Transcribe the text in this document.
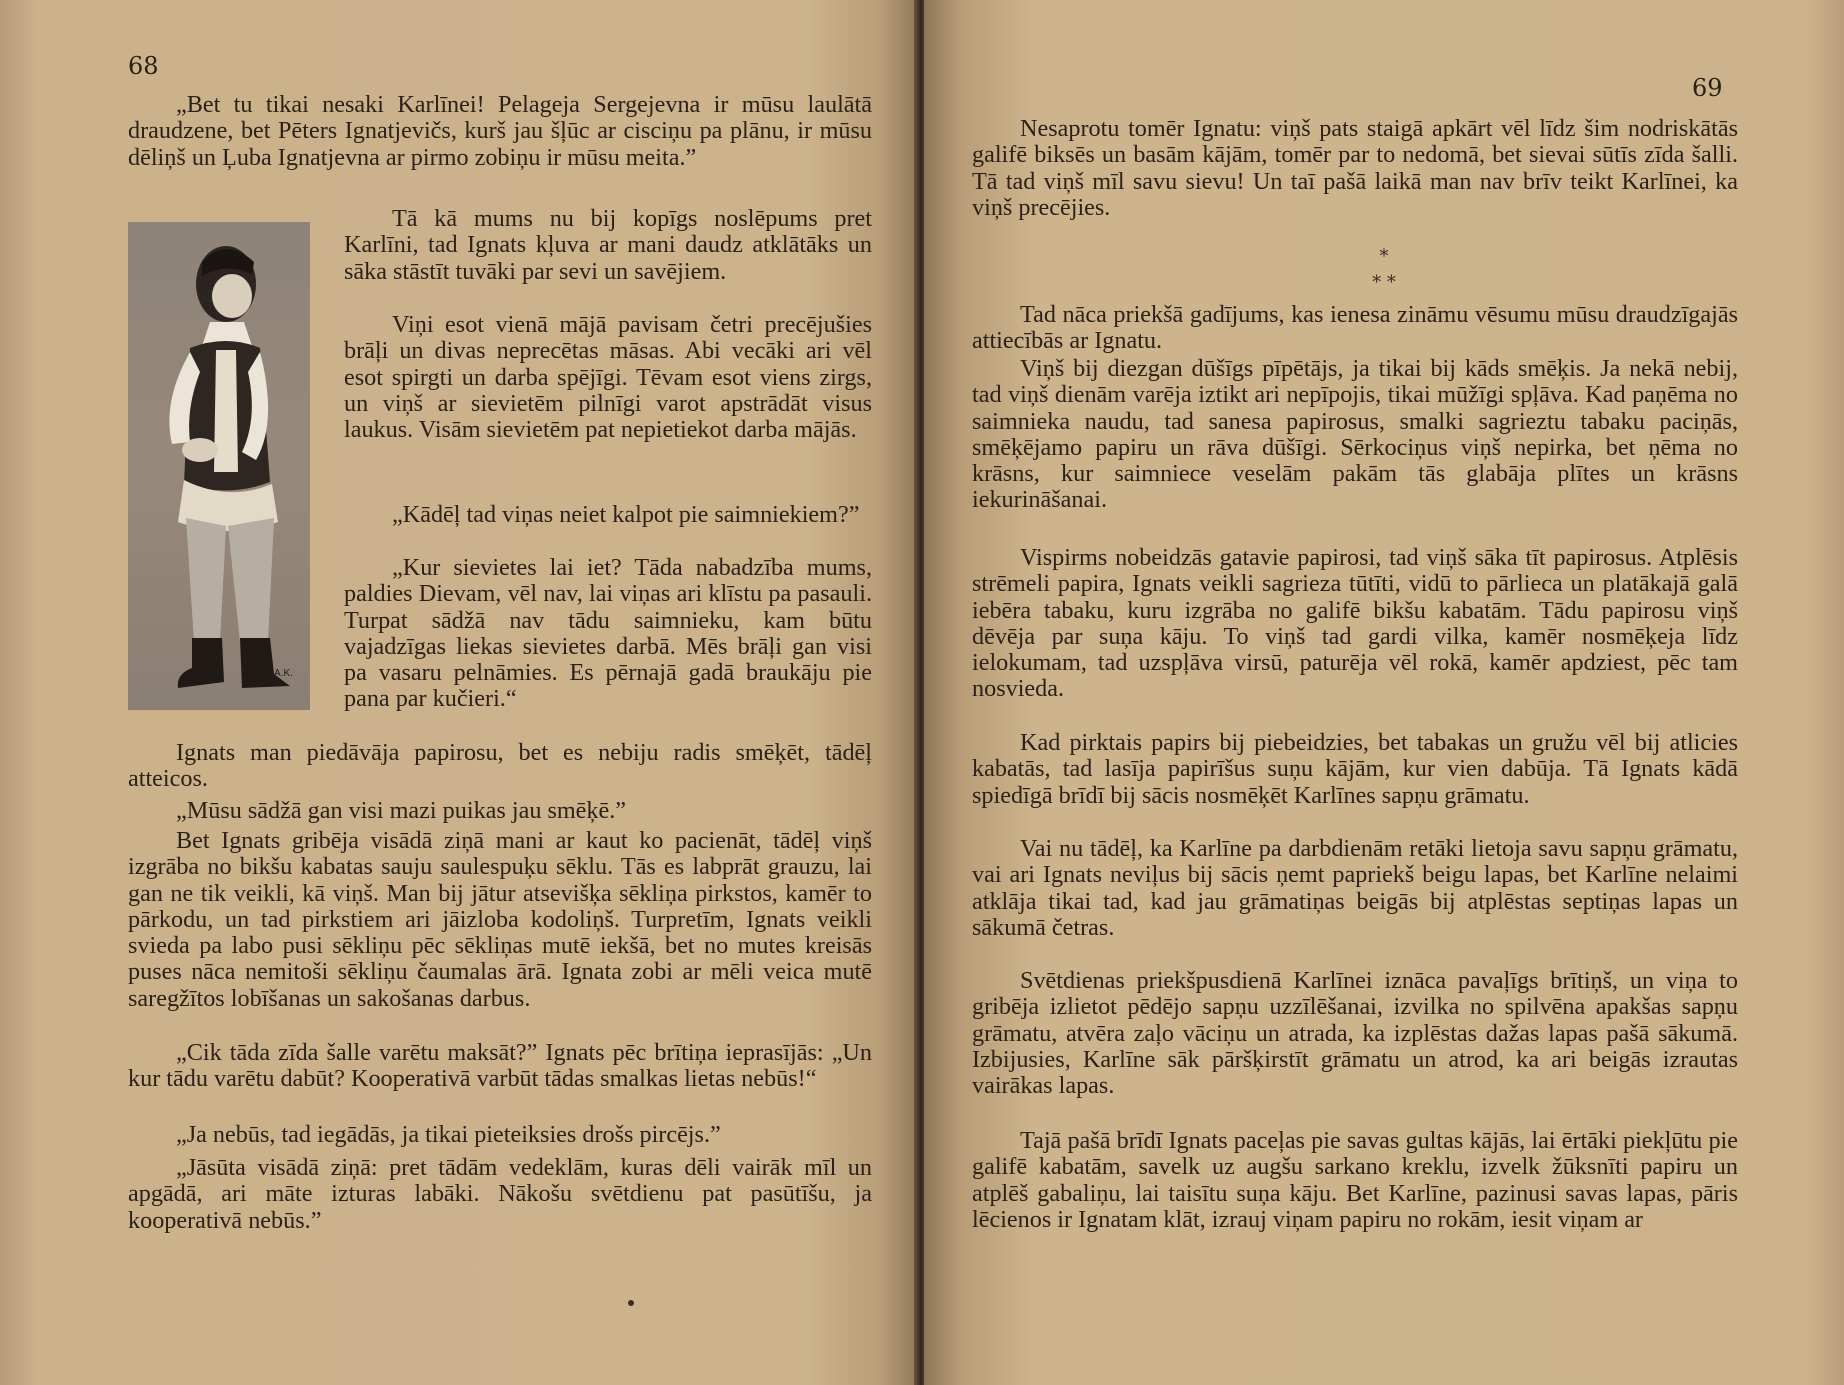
68

„Bet tu tikai nesaki Karlīnei! Pelageja Sergejevna ir mūsu laulātā draudzene, bet Pēters Ignatjevičs, kurš jau šļūc ar cisciņu pa plānu, ir mūsu dēliņš un Ļuba Ignatjevna ar pirmo zobiņu ir mūsu meita.”

A.K.

Tā kā mums nu bij kopīgs noslēpums pret Karlīni, tad Ignats kļuva ar mani daudz atklātāks un sāka stāstīt tuvāki par sevi un savējiem.

Viņi esot vienā mājā pavisam četri precējušies brāļi un divas neprecētas māsas. Abi vecāki ari vēl esot spirgti un darba spējīgi. Tēvam esot viens zirgs, un viņš ar sievietēm pilnīgi varot apstrādāt visus laukus. Visām sievietēm pat nepietiekot darba mājās.

„Kādēļ tad viņas neiet kalpot pie saimniekiem?”

„Kur sievietes lai iet? Tāda nabadzība mums, paldies Dievam, vēl nav, lai viņas ari klīstu pa pasauli. Turpat sādžā nav tādu saimnieku, kam būtu vajadzīgas liekas sievietes darbā. Mēs brāļi gan visi pa vasaru pelnāmies. Es pērnajā gadā braukāju pie pana par kučieri.“

Ignats man piedāvāja papirosu, bet es nebiju radis smēķēt, tādēļ atteicos.

„Mūsu sādžā gan visi mazi puikas jau smēķē.”

Bet Ignats gribēja visādā ziņā mani ar kaut ko pacienāt, tādēļ viņš izgrāba no bikšu kabatas sauju saulespuķu sēklu. Tās es labprāt grauzu, lai gan ne tik veikli, kā viņš. Man bij jātur atsevišķa sēkliņa pirkstos, kamēr to pārkodu, un tad pirkstiem ari jāizloba kodoliņš. Turpretīm, Ignats veikli svieda pa labo pusi sēkliņu pēc sēkliņas mutē iekšā, bet no mutes kreisās puses nāca nemitoši sēkliņu čaumalas ārā. Ignata zobi ar mēli veica mutē saregžītos lobīšanas un sakošanas darbus.

„Cik tāda zīda šalle varētu maksāt?” Ignats pēc brītiņa ieprasījās: „Un kur tādu varētu dabūt? Kooperativā varbūt tādas smalkas lietas nebūs!“

„Ja nebūs, tad iegādās, ja tikai pieteiksies drošs pircējs.”

„Jāsūta visādā ziņā: pret tādām vedeklām, kuras dēli vairāk mīl un apgādā, ari māte izturas labāki. Nākošu svētdienu pat pasūtīšu, ja kooperativā nebūs.”

69

Nesaprotu tomēr Ignatu: viņš pats staigā apkārt vēl līdz šim nodriskātās galifē biksēs un basām kājām, tomēr par to nedomā, bet sievai sūtīs zīda šalli. Tā tad viņš mīl savu sievu! Un taī pašā laikā man nav brīv teikt Karlīnei, ka viņš precējies.

*
* *

Tad nāca priekšā gadījums, kas ienesa zināmu vēsumu mūsu draudzīgajās attiecībās ar Ignatu.

Viņš bij diezgan dūšīgs pīpētājs, ja tikai bij kāds smēķis. Ja nekā nebij, tad viņš dienām varēja iztikt ari nepīpojis, tikai mūžīgi spļāva. Kad paņēma no saimnieka naudu, tad sanesa papirosus, smalki sagrieztu tabaku paciņās, smēķējamo papiru un rāva dūšīgi. Sērkociņus viņš nepirka, bet ņēma no krāsns, kur saimniece veselām pakām tās glabāja plītes un krāsns iekurināšanai.

Vispirms nobeidzās gatavie papirosi, tad viņš sāka tīt papirosus. Atplēsis strēmeli papira, Ignats veikli sagrieza tūtīti, vidū to pārlieca un platākajā galā iebēra tabaku, kuru izgrāba no galifē bikšu kabatām. Tādu papirosu viņš dēvēja par suņa kāju. To viņš tad gardi vilka, kamēr nosmēķeja līdz ielokumam, tad uzspļāva virsū, paturēja vēl rokā, kamēr apdziest, pēc tam nosvieda.

Kad pirktais papirs bij piebeidzies, bet tabakas un gružu vēl bij atlicies kabatās, tad lasīja papirīšus suņu kājām, kur vien dabūja. Tā Ignats kādā spiedīgā brīdī bij sācis nosmēķēt Karlīnes sapņu grāmatu.

Vai nu tādēļ, ka Karlīne pa darbdienām retāki lietoja savu sapņu grāmatu, vai ari Ignats neviļus bij sācis ņemt papriekš beigu lapas, bet Karlīne nelaimi atklāja tikai tad, kad jau grāmatiņas beigās bij atplēstas septiņas lapas un sākumā četras.

Svētdienas priekšpusdienā Karlīnei iznāca pavaļīgs brītiņš, un viņa to gribēja izlietot pēdējo sapņu uzzīlēšanai, izvilka no spilvēna apakšas sapņu grāmatu, atvēra zaļo vāciņu un atrada, ka izplēstas dažas lapas pašā sākumā. Izbijusies, Karlīne sāk pāršķirstīt grāmatu un atrod, ka ari beigās izrautas vairākas lapas.

Tajā pašā brīdī Ignats paceļas pie savas gultas kājās, lai ērtāki piekļūtu pie galifē kabatām, savelk uz augšu sarkano kreklu, izvelk žūksnīti papiru un atplēš gabaliņu, lai taisītu suņa kāju. Bet Karlīne, pazinusi savas lapas, pāris lēcienos ir Ignatam klāt, izrauj viņam papiru no rokām, iesit viņam ar
